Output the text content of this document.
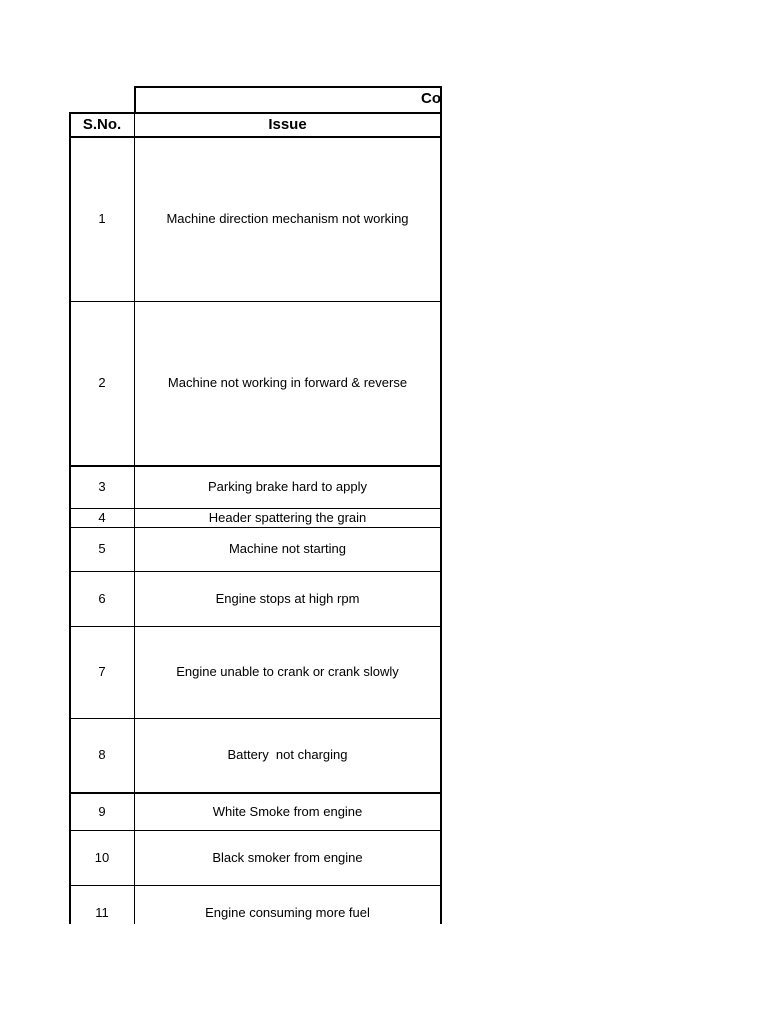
Co
S.No.	Issue
1	Machine direction mechanism not working
2	Machine not working in forward & reverse
3	Parking brake hard to apply
4	Header spattering the grain
5	Machine not starting
6	Engine stops at high rpm
7	Engine unable to crank or crank slowly
8	Battery  not charging
9	White Smoke from engine
10	Black smoker from engine
11	Engine consuming more fuel
